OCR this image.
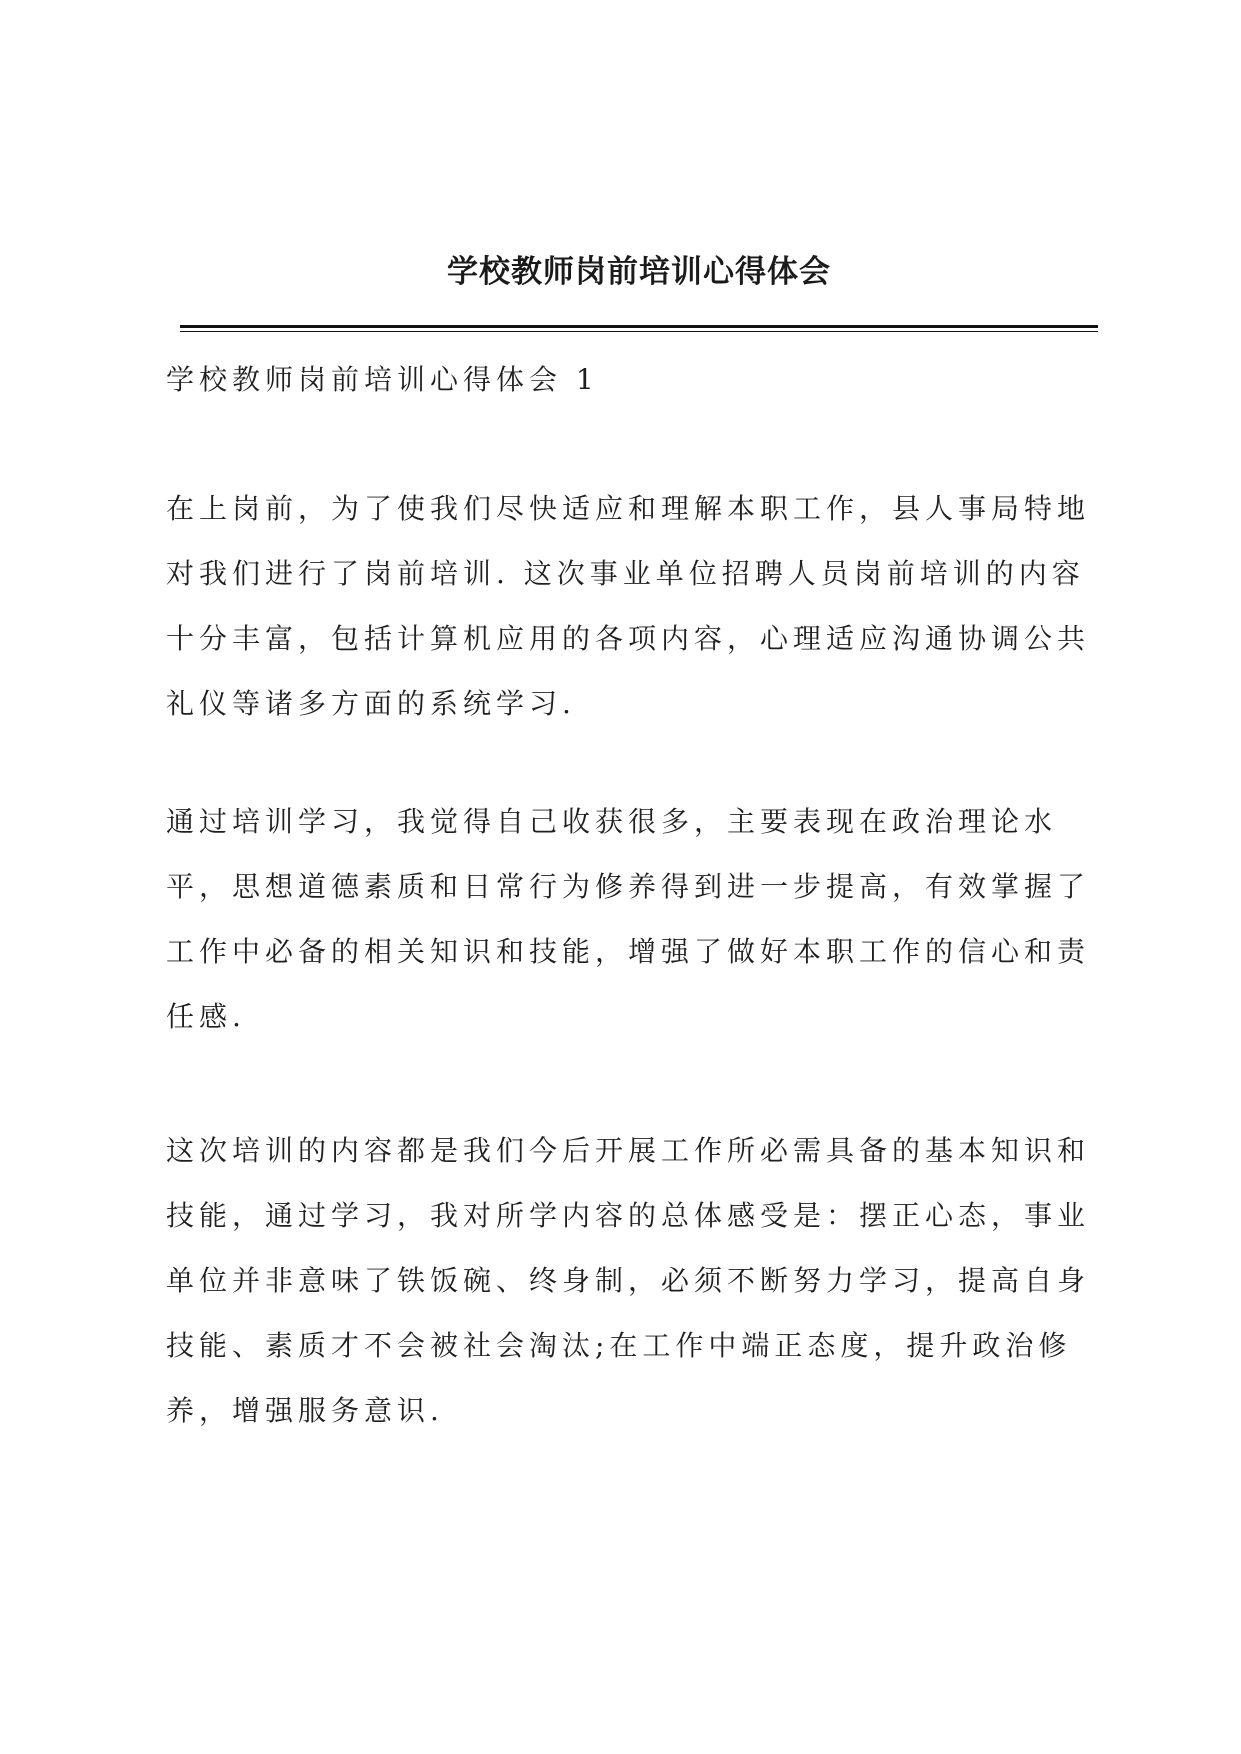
学校教师岗前培训心得体会
学校教师岗前培训心得体会 1
在上岗前，为了使我们尽快适应和理解本职工作，县人事局特地
对我们进行了岗前培训. 这次事业单位招聘人员岗前培训的内容
十分丰富，包括计算机应用的各项内容，心理适应沟通协调公共
礼仪等诸多方面的系统学习.
通过培训学习，我觉得自己收获很多，主要表现在政治理论水
平，思想道德素质和日常行为修养得到进一步提高，有效掌握了
工作中必备的相关知识和技能，增强了做好本职工作的信心和责
任感.
这次培训的内容都是我们今后开展工作所必需具备的基本知识和
技能，通过学习，我对所学内容的总体感受是：摆正心态，事业
单位并非意味了铁饭碗、终身制，必须不断努力学习，提高自身
技能、素质才不会被社会淘汰;在工作中端正态度，提升政治修
养，增强服务意识.
